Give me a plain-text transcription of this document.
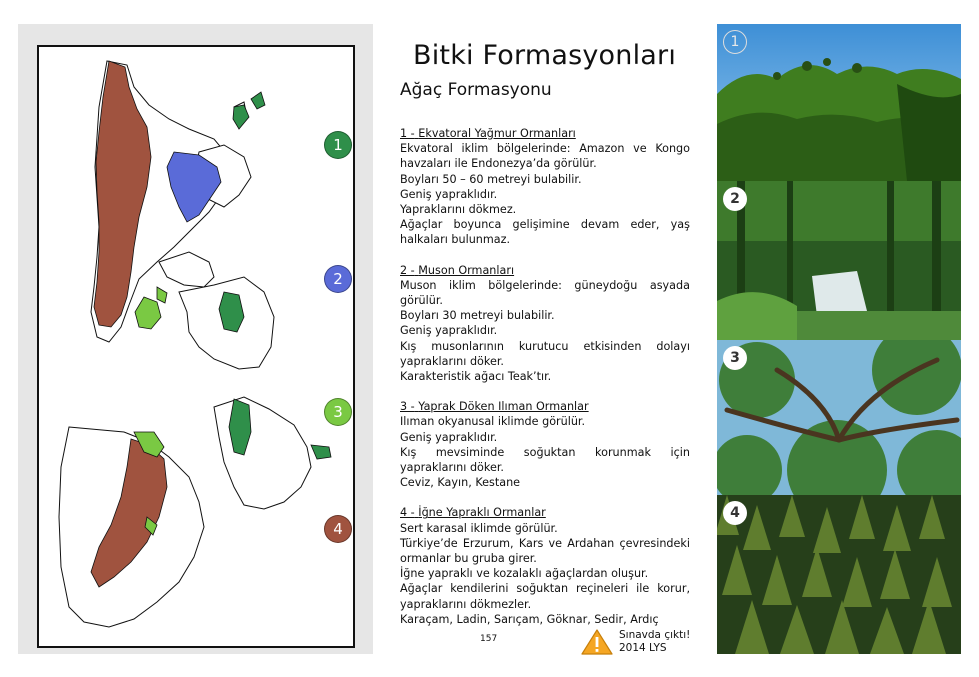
1
2
3
4
Bitki Formasyonları
Ağaç Formasyonu
1 - Ekvatoral Yağmur Ormanları
Ekvatoral iklim bölgelerinde: Amazon ve Kongo havzaları ile Endonezya’da görülür.
Boyları 50 – 60 metreyi bulabilir.
Geniş yapraklıdır.
Yapraklarını dökmez.
Ağaçlar boyunca gelişimine devam eder, yaş halkaları bulunmaz.
2 - Muson Ormanları
Muson iklim bölgelerinde: güneydoğu asyada görülür.
Boyları 30 metreyi bulabilir.
Geniş yapraklıdır.
Kış musonlarının kurutucu etkisinden dolayı yapraklarını döker.
Karakteristik ağacı Teak’tır.
3 - Yaprak Döken Ilıman Ormanlar
Ilıman okyanusal iklimde görülür.
Geniş yapraklıdır.
Kış mevsiminde soğuktan korunmak için yapraklarını döker.
Ceviz, Kayın, Kestane
4 - İğne Yapraklı Ormanlar
Sert karasal iklimde görülür.
Türkiye’de Erzurum, Kars ve Ardahan çevresindeki ormanlar bu gruba girer.
İğne yapraklı ve kozalaklı ağaçlardan oluşur.
Ağaçlar kendilerini soğuktan reçineleri ile korur, yapraklarını dökmezler.
Karaçam, Ladin, Sarıçam, Göknar, Sedir, Ardıç
157	Sınavda çıktı!
2014 LYS
1
2
3
4
